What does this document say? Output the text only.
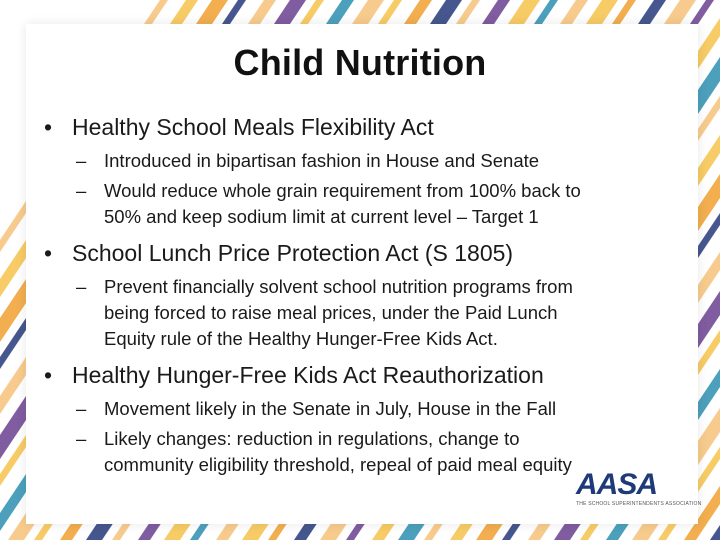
Child Nutrition
• Healthy School Meals Flexibility Act
– Introduced in bipartisan fashion in House and Senate
– Would reduce whole grain requirement from 100% back to
50% and keep sodium limit at current level – Target 1
• School Lunch Price Protection Act (S 1805)
– Prevent financially solvent school nutrition programs from
being forced to raise meal prices, under the Paid Lunch
Equity rule of the Healthy Hunger-Free Kids Act.
• Healthy Hunger-Free Kids Act Reauthorization
– Movement likely in the Senate in July, House in the Fall
– Likely changes: reduction in regulations, change to
community eligibility threshold, repeal of paid meal equity
AASA
THE SCHOOL SUPERINTENDENTS ASSOCIATION
